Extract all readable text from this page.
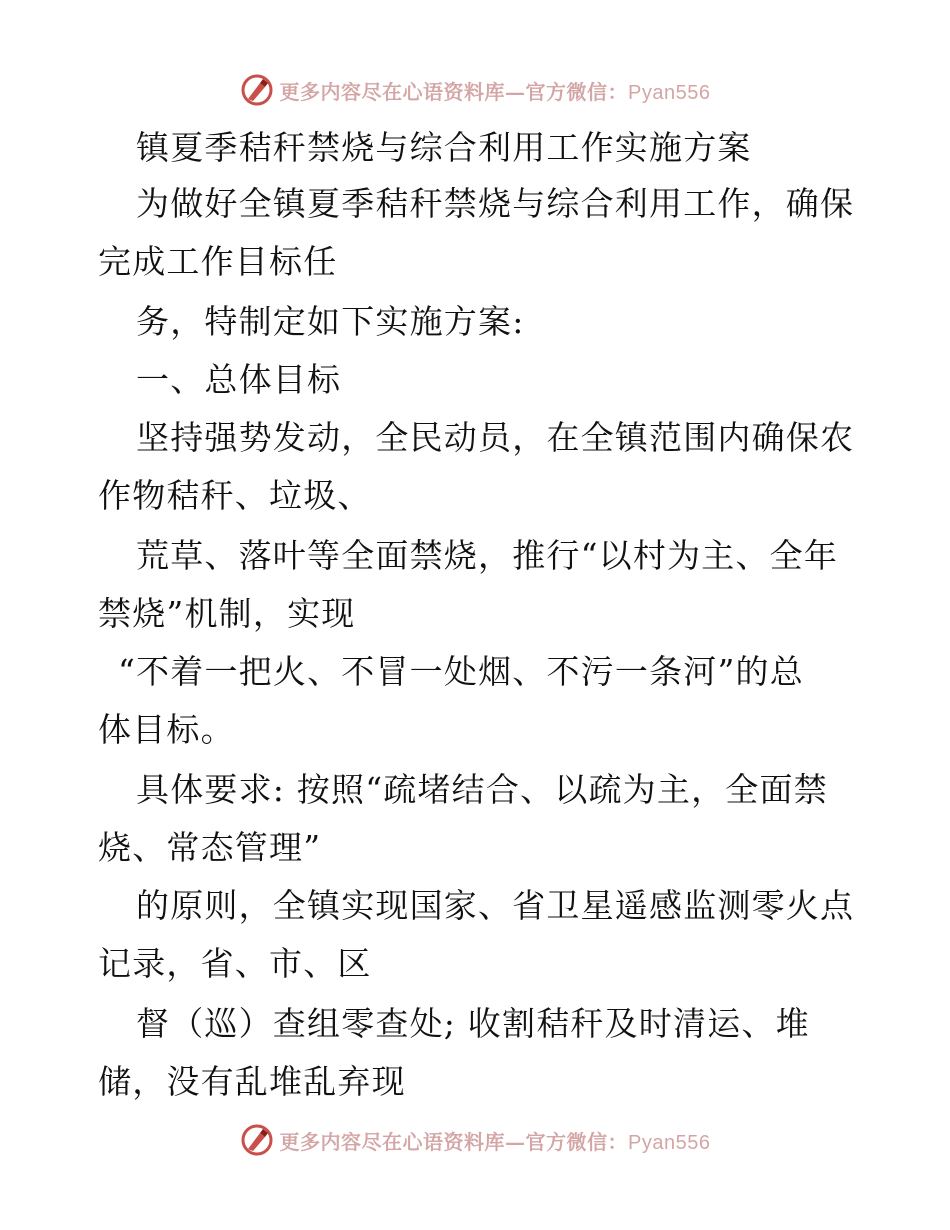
更多内容尽在心语资料库—官方微信：Pyan556
镇夏季秸秆禁烧与综合利用工作实施方案
为做好全镇夏季秸秆禁烧与综合利用工作，确保
完成工作目标任
务，特制定如下实施方案:
一、总体目标
坚持强势发动，全民动员，在全镇范围内确保农
作物秸秆、垃圾、
荒草、落叶等全面禁烧，推行“以村为主、全年
禁烧”机制，实现
“不着一把火、不冒一处烟、不污一条河”的总
体目标。
具体要求: 按照“疏堵结合、以疏为主，全面禁
烧、常态管理”
的原则，全镇实现国家、省卫星遥感监测零火点
记录，省、市、区
督（巡）查组零查处; 收割秸秆及时清运、堆
储，没有乱堆乱弃现
更多内容尽在心语资料库—官方微信：Pyan556
